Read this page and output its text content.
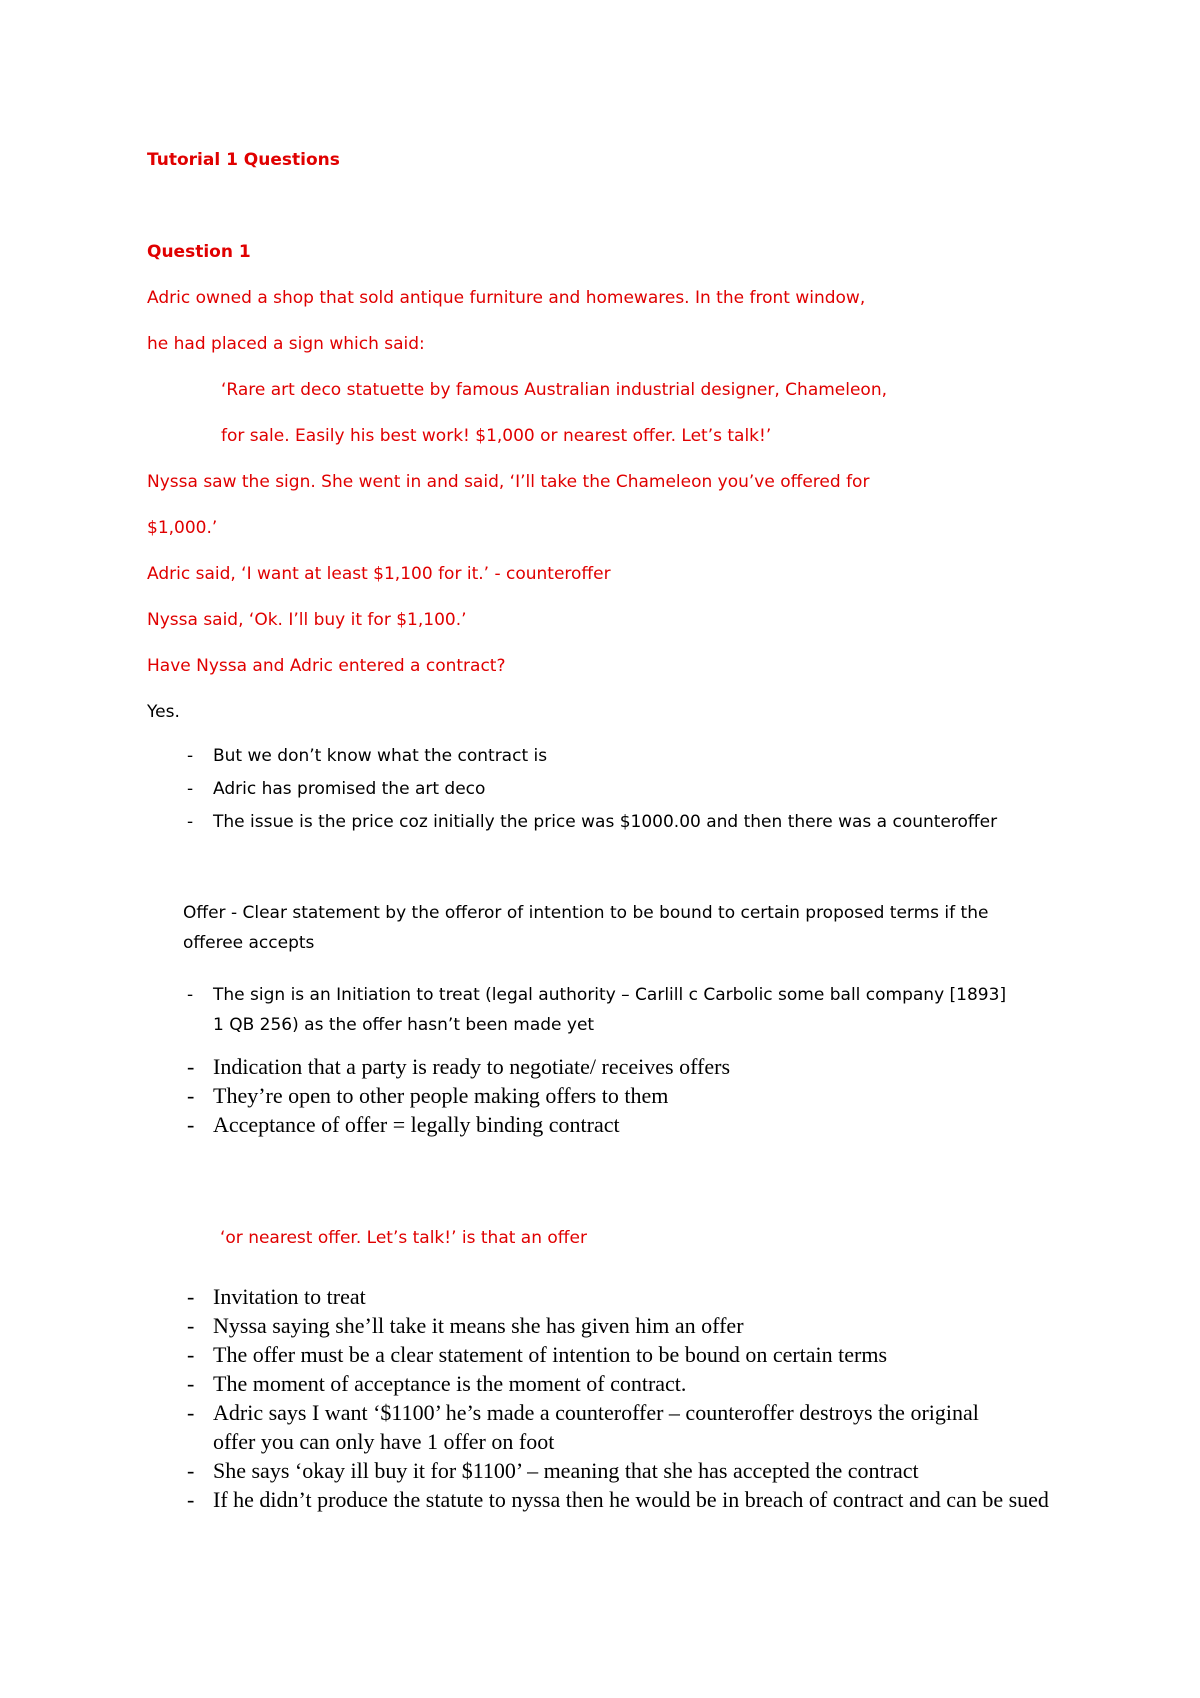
Tutorial 1 Questions

Question 1

Adric owned a shop that sold antique furniture and homewares. In the front window,

he had placed a sign which said:

‘Rare art deco statuette by famous Australian industrial designer, Chameleon,

for sale. Easily his best work! $1,000 or nearest offer. Let’s talk!’

Nyssa saw the sign. She went in and said, ‘I’ll take the Chameleon you’ve offered for

$1,000.’

Adric said, ‘I want at least $1,100 for it.’ - counteroffer

Nyssa said, ‘Ok. I’ll buy it for $1,100.’

Have Nyssa and Adric entered a contract?

Yes.

- But we don’t know what the contract is
- Adric has promised the art deco
- The issue is the price coz initially the price was $1000.00 and then there was a counteroffer

Offer - Clear statement by the offeror of intention to be bound to certain proposed terms if the

offeree accepts

- The sign is an Initiation to treat (legal authority – Carlill c Carbolic some ball company [1893]
1 QB 256) as the offer hasn’t been made yet
- Indication that a party is ready to negotiate/ receives offers
- They’re open to other people making offers to them
- Acceptance of offer = legally binding contract

‘or nearest offer. Let’s talk!’ is that an offer

- Invitation to treat
- Nyssa saying she’ll take it means she has given him an offer
- The offer must be a clear statement of intention to be bound on certain terms
- The moment of acceptance is the moment of contract.
- Adric says I want ‘$1100’ he’s made a counteroffer – counteroffer destroys the original offer you can only have 1 offer on foot
- She says ‘okay ill buy it for $1100’ – meaning that she has accepted the contract
- If he didn’t produce the statute to nyssa then he would be in breach of contract and can be sued
